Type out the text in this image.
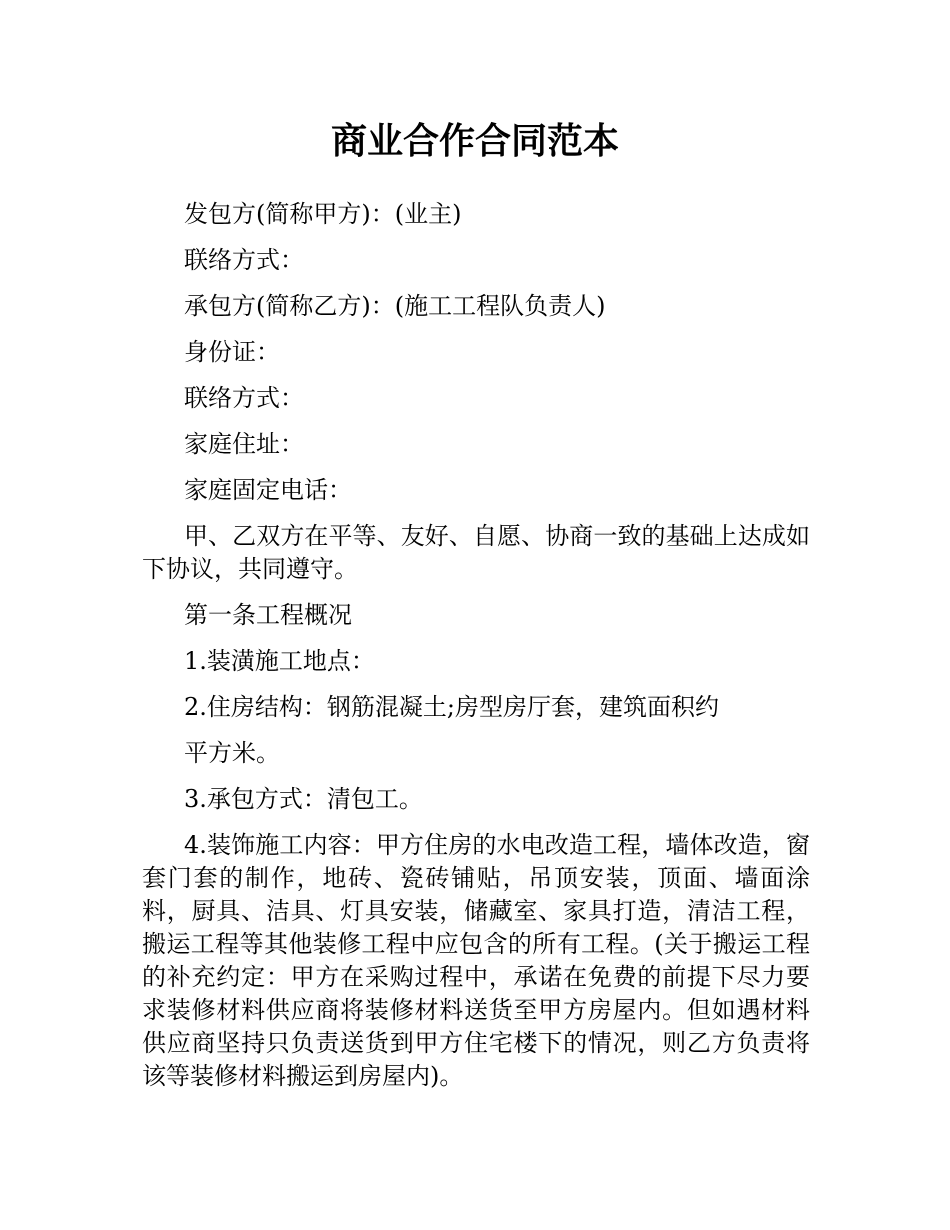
商业合作合同范本

发包方(简称甲方)：(业主)

联络方式：

承包方(简称乙方)：(施工工程队负责人)

身份证：

联络方式：

家庭住址：

家庭固定电话：

甲、乙双方在平等、友好、自愿、协商一致的基础上达成如下协议，共同遵守。

第一条工程概况

1.装潢施工地点：

2.住房结构：钢筋混凝土;房型房厅套，建筑面积约

平方米。

3.承包方式：清包工。

4.装饰施工内容：甲方住房的水电改造工程，墙体改造，窗套门套的制作，地砖、瓷砖铺贴，吊顶安装，顶面、墙面涂料，厨具、洁具、灯具安装，储藏室、家具打造，清洁工程，搬运工程等其他装修工程中应包含的所有工程。(关于搬运工程的补充约定：甲方在采购过程中，承诺在免费的前提下尽力要求装修材料供应商将装修材料送货至甲方房屋内。但如遇材料供应商坚持只负责送货到甲方住宅楼下的情况，则乙方负责将该等装修材料搬运到房屋内)。
